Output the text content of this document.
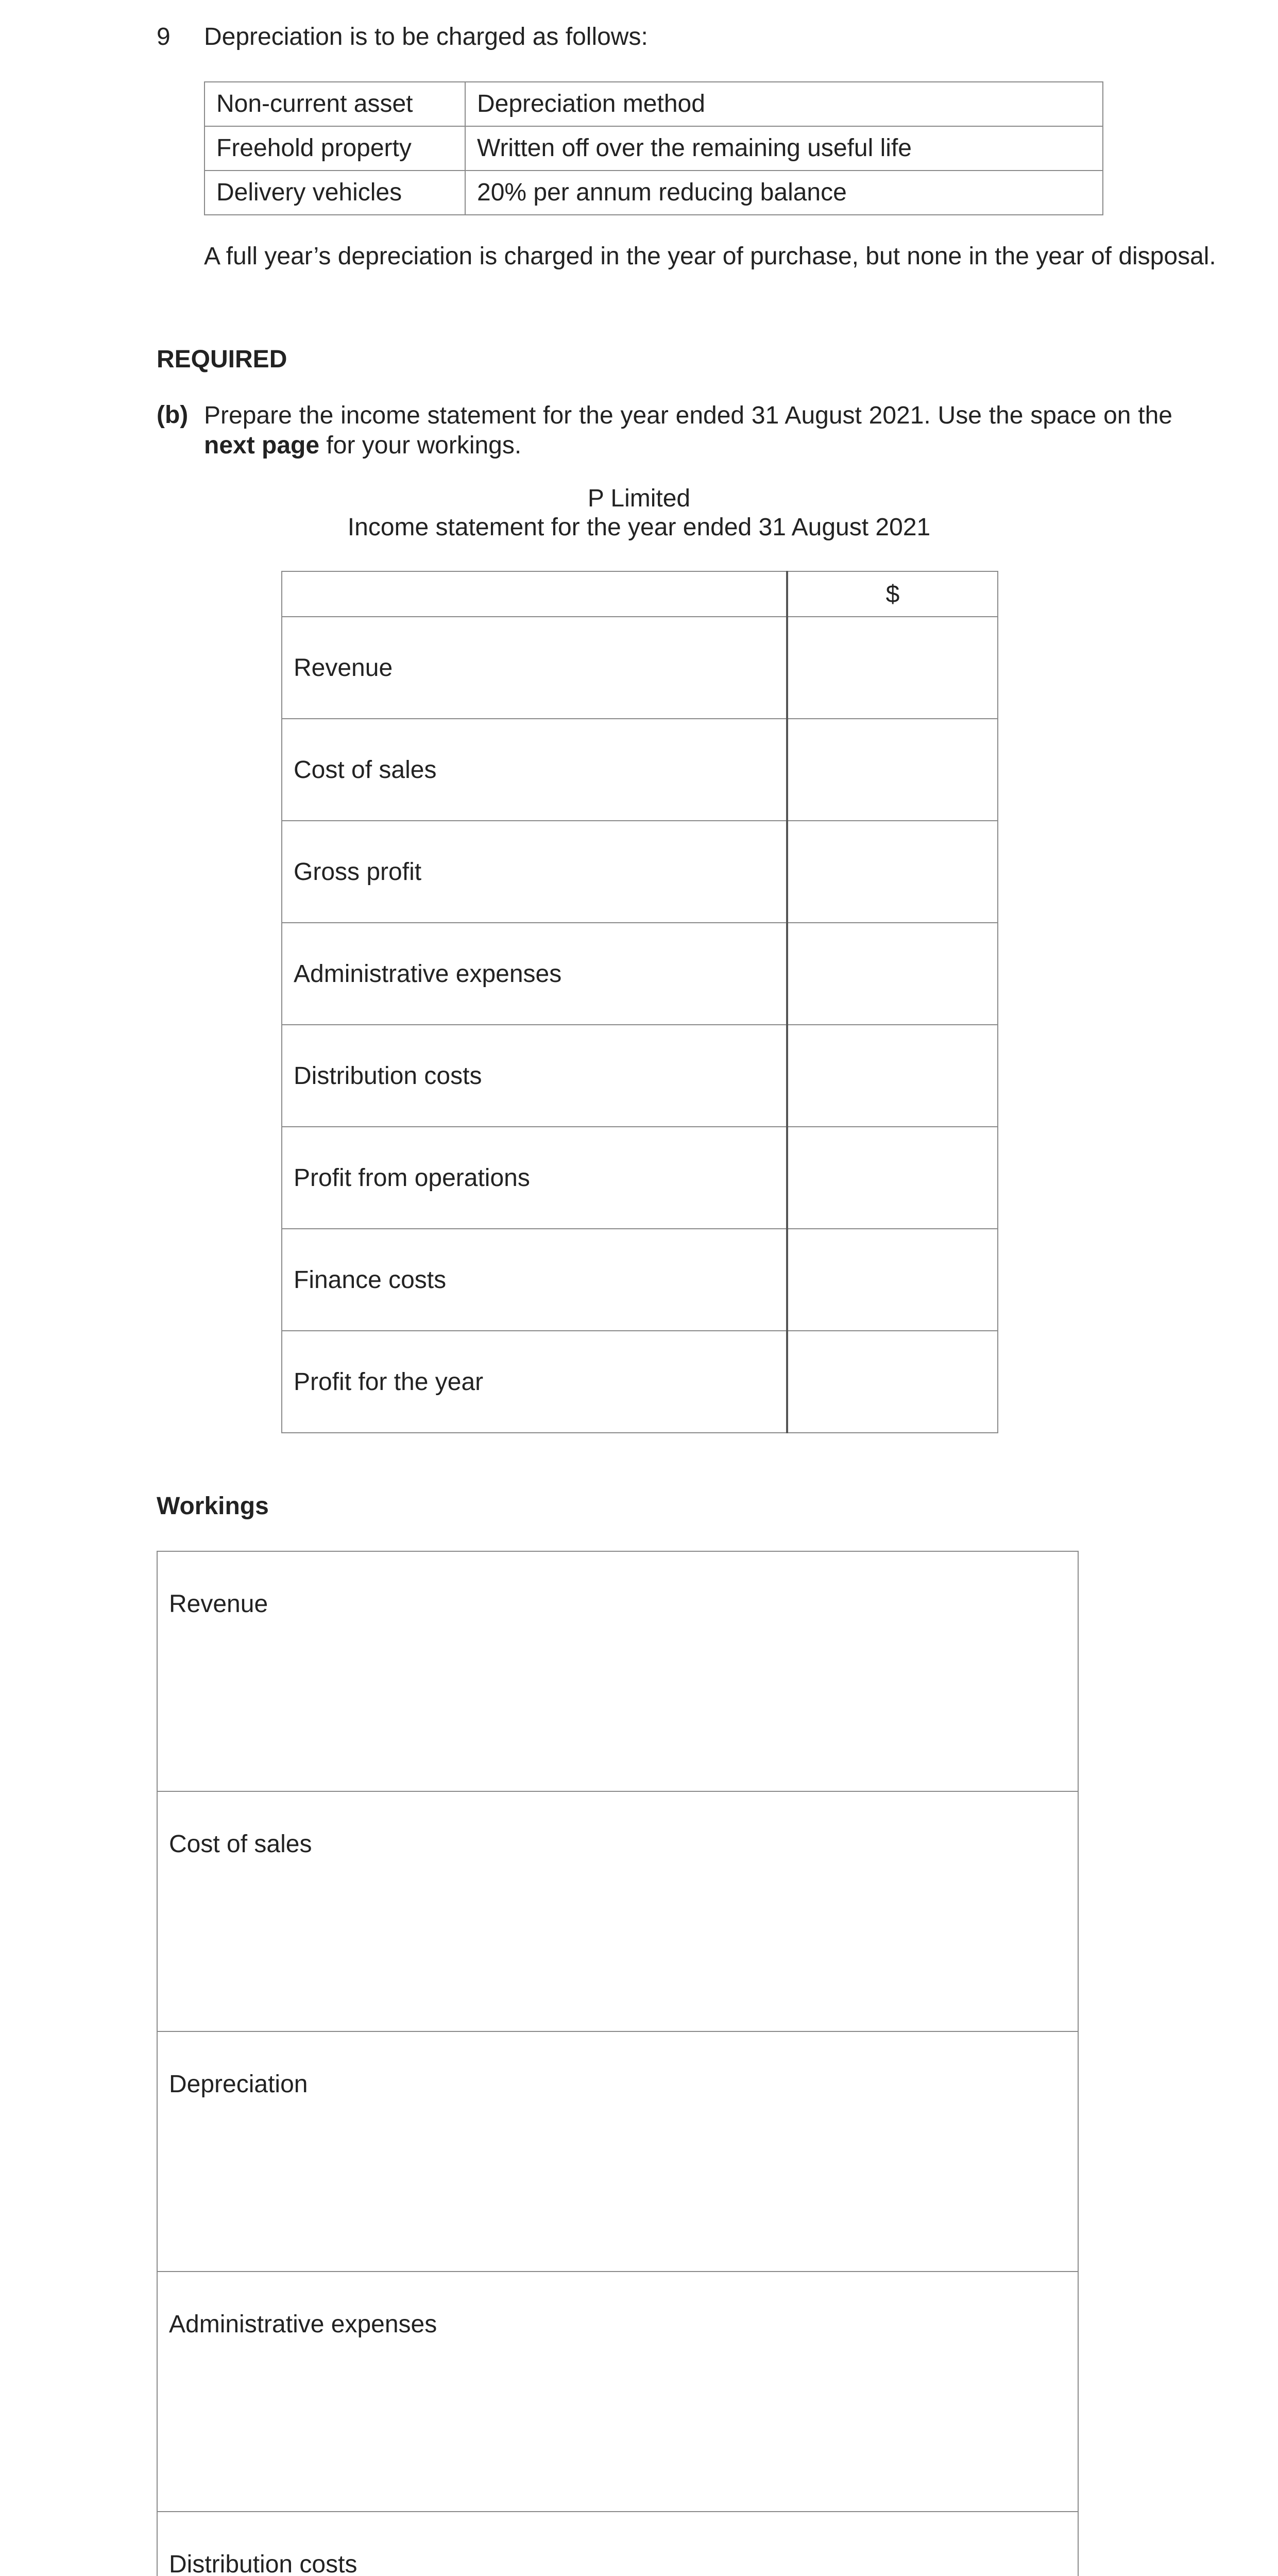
9 Depreciation is to be charged as follows:
Non-current asset	Depreciation method
Freehold property	Written off over the remaining useful life
Delivery vehicles	20% per annum reducing balance
A full year’s depreciation is charged in the year of purchase, but none in the year of disposal.
REQUIRED
(b) Prepare the income statement for the year ended 31 August 2021. Use the space on the
next page for your workings.
P Limited
Income statement for the year ended 31 August 2021
	$
Revenue	
Cost of sales	
Gross profit	
Administrative expenses	
Distribution costs	
Profit from operations	
Finance costs	
Profit for the year	
Workings
Revenue
Cost of sales
Depreciation
Administrative expenses
Distribution costs
